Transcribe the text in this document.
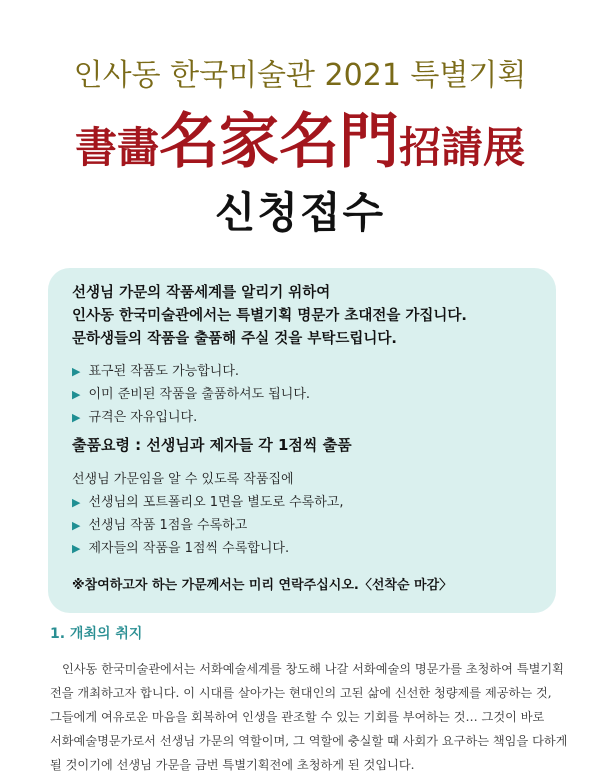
인사동 한국미술관 2021 특별기획
書畵名家名門招請展
신청접수
선생님 가문의 작품세계를 알리기 위하여
인사동 한국미술관에서는 특별기획 명문가 초대전을 가집니다.
문하생들의 작품을 출품해 주실 것을 부탁드립니다.
▶ 표구된 작품도 가능합니다.
▶ 이미 준비된 작품을 출품하셔도 됩니다.
▶ 규격은 자유입니다.
출품요령 : 선생님과 제자들 각 1점씩 출품
선생님 가문임을 알 수 있도록 작품집에
▶ 선생님의 포트폴리오 1면을 별도로 수록하고,
▶ 선생님 작품 1점을 수록하고
▶ 제자들의 작품을 1점씩 수록합니다.
※참여하고자 하는 가문께서는 미리 연락주십시오.〈선착순 마감〉
1. 개최의 취지
인사동 한국미술관에서는 서화예술세계를 창도해 나갈 서화예술의 명문가를 초청하여 특별기획
전을 개최하고자 합니다. 이 시대를 살아가는 현대인의 고된 삶에 신선한 청량제를 제공하는 것,
그들에게 여유로운 마음을 회복하여 인생을 관조할 수 있는 기회를 부여하는 것… 그것이 바로
서화예술명문가로서 선생님 가문의 역할이며, 그 역할에 충실할 때 사회가 요구하는 책임을 다하게
될 것이기에 선생님 가문을 금번 특별기획전에 초청하게 된 것입니다.
